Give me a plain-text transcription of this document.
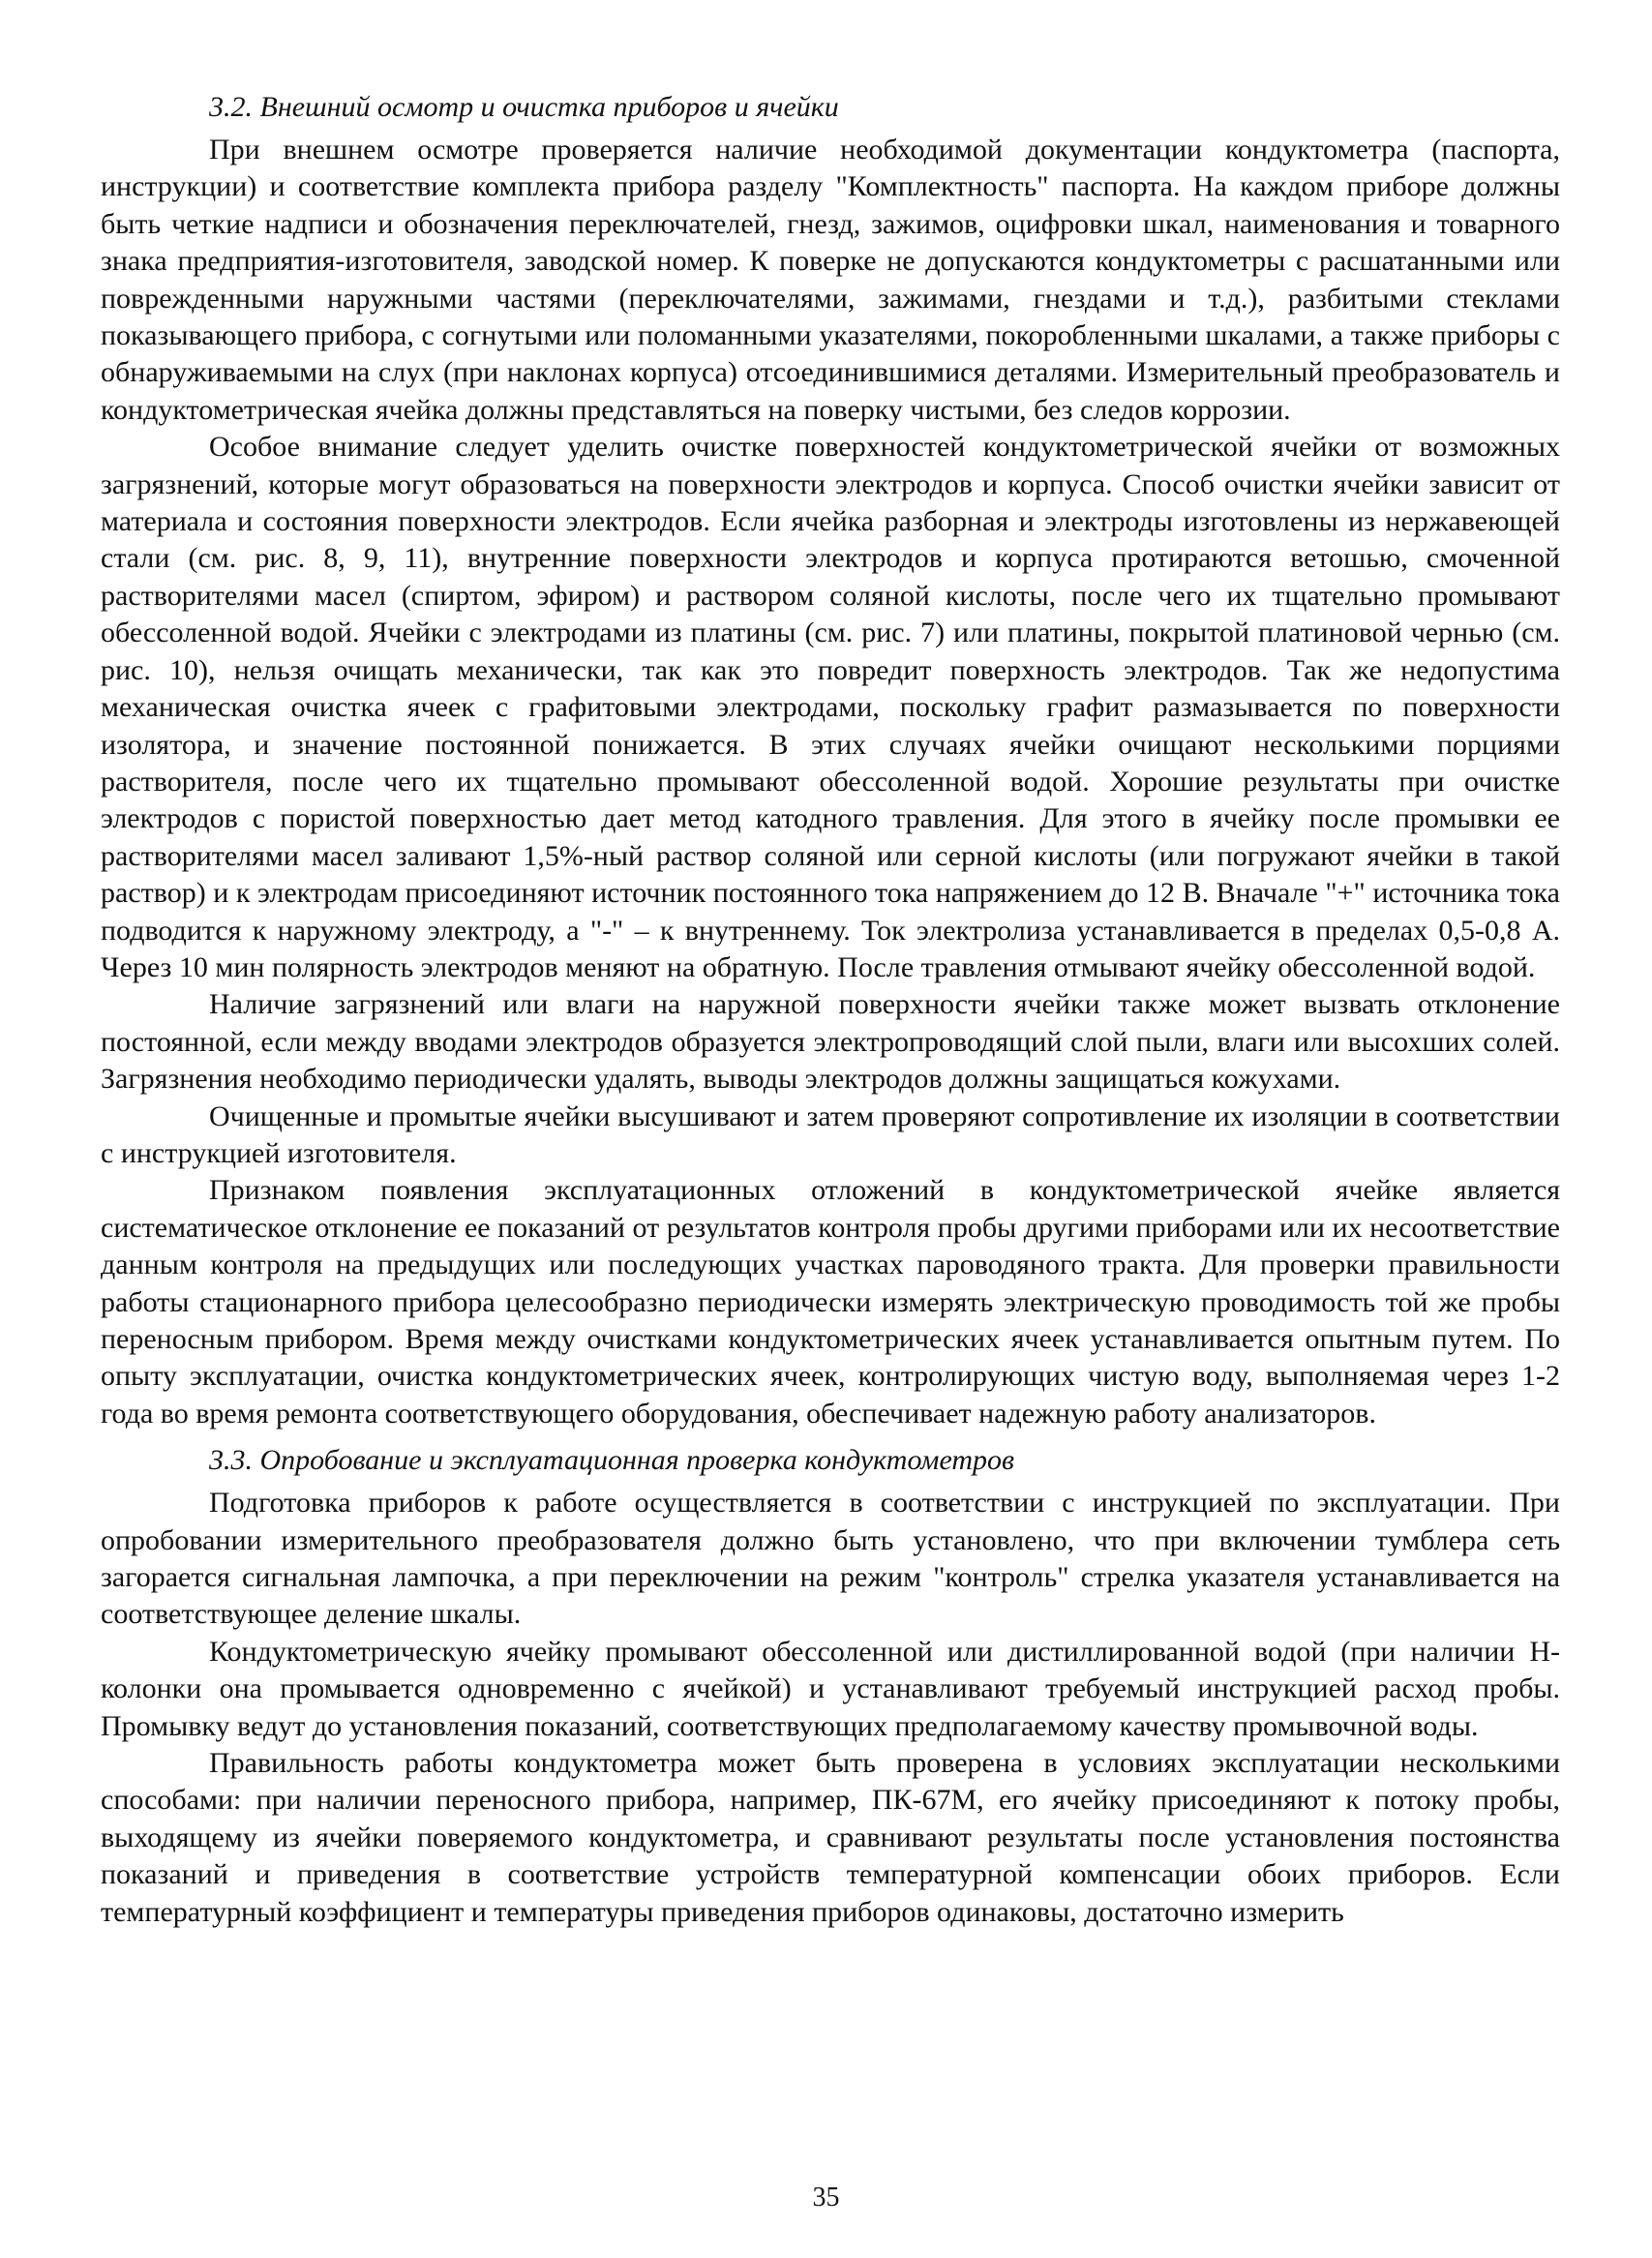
3.2. Внешний осмотр и очистка приборов и ячейки

При внешнем осмотре проверяется наличие необходимой документации кондуктометра (паспорта, инструкции) и соответствие комплекта прибора разделу "Комплектность" паспорта. На каждом приборе должны быть четкие надписи и обозначения переключателей, гнезд, зажимов, оцифровки шкал, наименования и товарного знака предприятия-изготовителя, заводской номер. К поверке не допускаются кондуктометры с расшатанными или поврежденными наружными частями (переключателями, зажимами, гнездами и т.д.), разбитыми стеклами показывающего прибора, с согнутыми или поломанными указателями, покоробленными шкалами, а также приборы с обнаруживаемыми на слух (при наклонах корпуса) отсоединившимися деталями. Измерительный преобразователь и кондуктометрическая ячейка должны представляться на поверку чистыми, без следов коррозии.

Особое внимание следует уделить очистке поверхностей кондуктометрической ячейки от возможных загрязнений, которые могут образоваться на поверхности электродов и корпуса. Способ очистки ячейки зависит от материала и состояния поверхности электродов. Если ячейка разборная и электроды изготовлены из нержавеющей стали (см. рис. 8, 9, 11), внутренние поверхности электродов и корпуса протираются ветошью, смоченной растворителями масел (спиртом, эфиром) и раствором соляной кислоты, после чего их тщательно промывают обессоленной водой. Ячейки с электродами из платины (см. рис. 7) или платины, покрытой платиновой чернью (см. рис. 10), нельзя очищать механически, так как это повредит поверхность электродов. Так же недопустима механическая очистка ячеек с графитовыми электродами, поскольку графит размазывается по поверхности изолятора, и значение постоянной понижается. В этих случаях ячейки очищают несколькими порциями растворителя, после чего их тщательно промывают обессоленной водой. Хорошие результаты при очистке электродов с пористой поверхностью дает метод катодного травления. Для этого в ячейку после промывки ее растворителями масел заливают 1,5%-ный раствор соляной или серной кислоты (или погружают ячейки в такой раствор) и к электродам присоединяют источник постоянного тока напряжением до 12 В. Вначале "+" источника тока подводится к наружному электроду, а "-" – к внутреннему. Ток электролиза устанавливается в пределах 0,5-0,8 А. Через 10 мин полярность электродов меняют на обратную. После травления отмывают ячейку обессоленной водой.

Наличие загрязнений или влаги на наружной поверхности ячейки также может вызвать отклонение постоянной, если между вводами электродов образуется электропроводящий слой пыли, влаги или высохших солей. Загрязнения необходимо периодически удалять, выводы электродов должны защищаться кожухами.

Очищенные и промытые ячейки высушивают и затем проверяют сопротивление их изоляции в соответствии с инструкцией изготовителя.

Признаком появления эксплуатационных отложений в кондуктометрической ячейке является систематическое отклонение ее показаний от результатов контроля пробы другими приборами или их несоответствие данным контроля на предыдущих или последующих участках пароводяного тракта. Для проверки правильности работы стационарного прибора целесообразно периодически измерять электрическую проводимость той же пробы переносным прибором. Время между очистками кондуктометрических ячеек устанавливается опытным путем. По опыту эксплуатации, очистка кондуктометрических ячеек, контролирующих чистую воду, выполняемая через 1-2 года во время ремонта соответствующего оборудования, обеспечивает надежную работу анализаторов.

3.3. Опробование и эксплуатационная проверка кондуктометров

Подготовка приборов к работе осуществляется в соответствии с инструкцией по эксплуатации. При опробовании измерительного преобразователя должно быть установлено, что при включении тумблера сеть загорается сигнальная лампочка, а при переключении на режим "контроль" стрелка указателя устанавливается на соответствующее деление шкалы.

Кондуктометрическую ячейку промывают обессоленной или дистиллированной водой (при наличии Н-колонки она промывается одновременно с ячейкой) и устанавливают требуемый инструкцией расход пробы. Промывку ведут до установления показаний, соответствующих предполагаемому качеству промывочной воды.

Правильность работы кондуктометра может быть проверена в условиях эксплуатации несколькими способами: при наличии переносного прибора, например, ПК-67М, его ячейку присоединяют к потоку пробы, выходящему из ячейки поверяемого кондуктометра, и сравнивают результаты после установления постоянства показаний и приведения в соответствие устройств температурной компенсации обоих приборов. Если температурный коэффициент и температуры приведения приборов одинаковы, достаточно измерить

35
